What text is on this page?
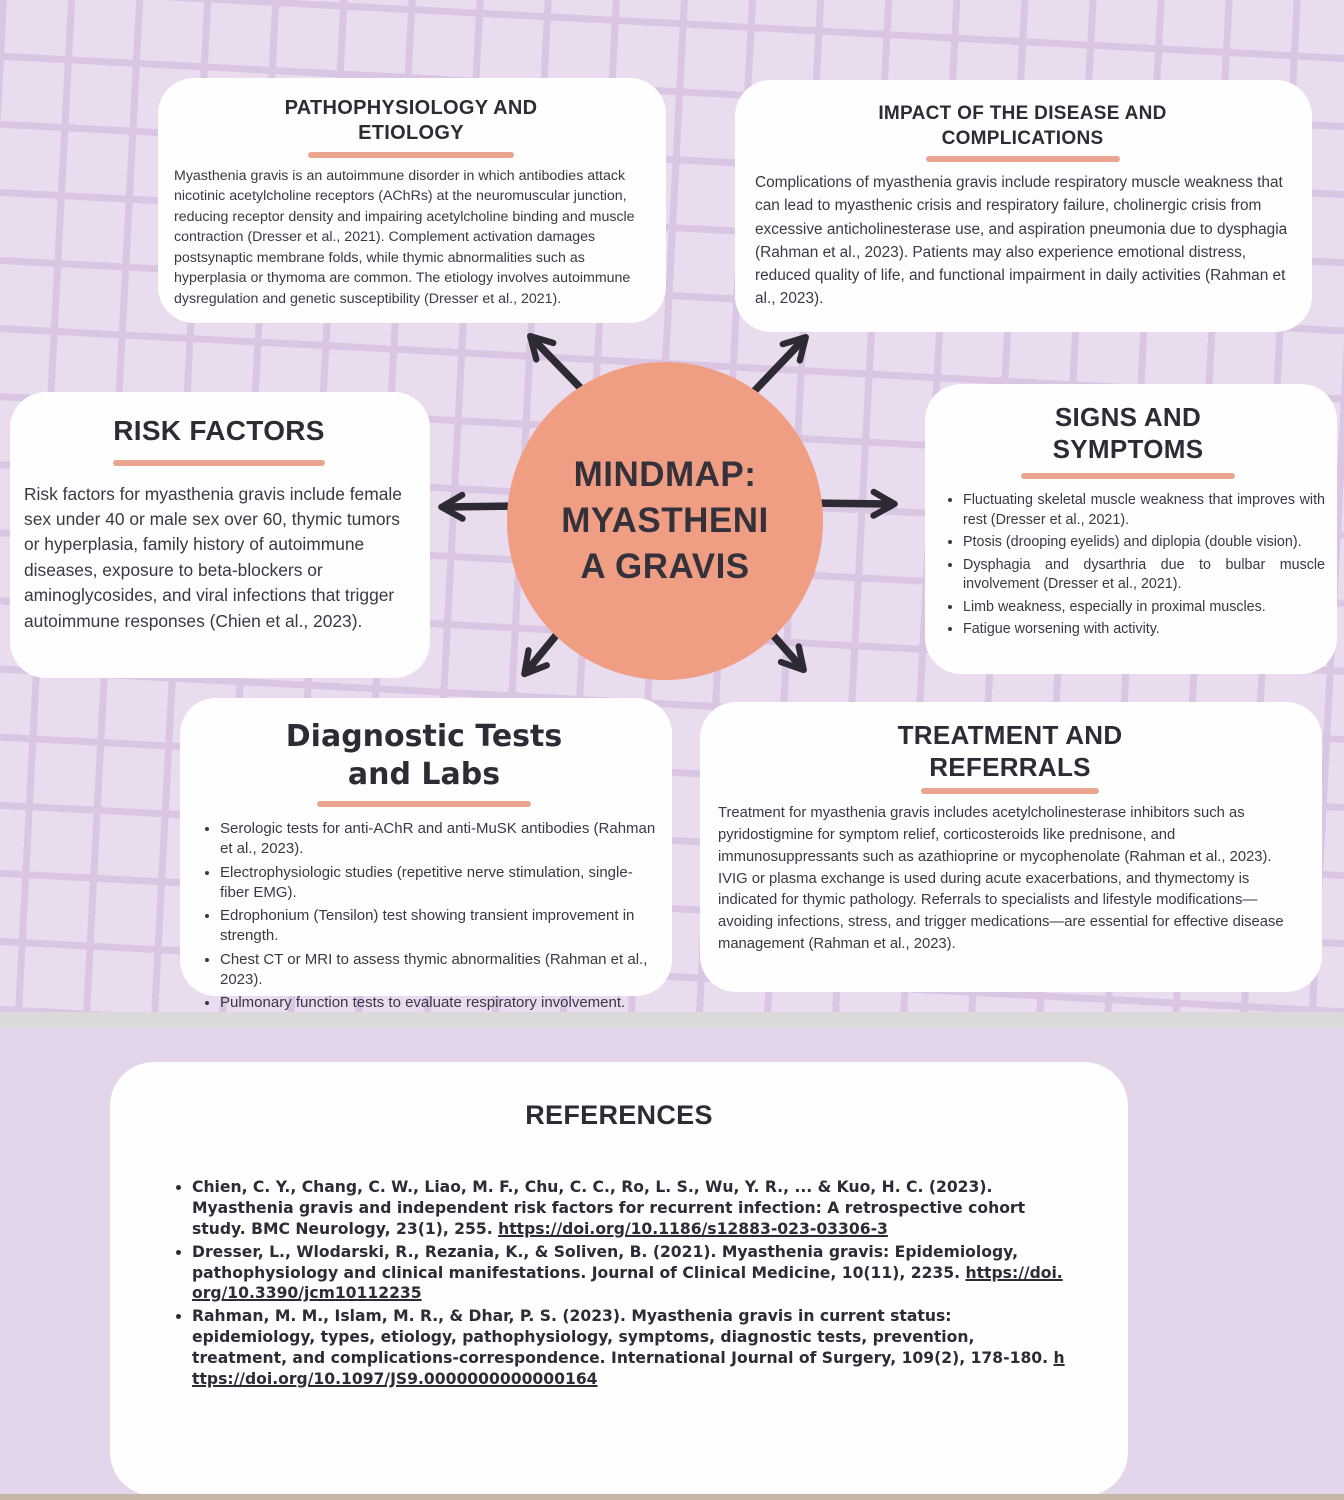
PATHOPHYSIOLOGY AND ETIOLOGY

Myasthenia gravis is an autoimmune disorder in which antibodies attack nicotinic acetylcholine receptors (AChRs) at the neuromuscular junction, reducing receptor density and impairing acetylcholine binding and muscle contraction (Dresser et al., 2021). Complement activation damages postsynaptic membrane folds, while thymic abnormalities such as hyperplasia or thymoma are common. The etiology involves autoimmune dysregulation and genetic susceptibility (Dresser et al., 2021).

IMPACT OF THE DISEASE AND COMPLICATIONS

Complications of myasthenia gravis include respiratory muscle weakness that can lead to myasthenic crisis and respiratory failure, cholinergic crisis from excessive anticholinesterase use, and aspiration pneumonia due to dysphagia (Rahman et al., 2023). Patients may also experience emotional distress, reduced quality of life, and functional impairment in daily activities (Rahman et al., 2023).

RISK FACTORS

Risk factors for myasthenia gravis include female sex under 40 or male sex over 60, thymic tumors or hyperplasia, family history of autoimmune diseases, exposure to beta-blockers or aminoglycosides, and viral infections that trigger autoimmune responses (Chien et al., 2023).

SIGNS AND SYMPTOMS
• Fluctuating skeletal muscle weakness that improves with rest (Dresser et al., 2021).
• Ptosis (drooping eyelids) and diplopia (double vision).
• Dysphagia and dysarthria due to bulbar muscle involvement (Dresser et al., 2021).
• Limb weakness, especially in proximal muscles.
• Fatigue worsening with activity.
Diagnostic Tests and Labs
• Serologic tests for anti-AChR and anti-MuSK antibodies (Rahman et al., 2023).
• Electrophysiologic studies (repetitive nerve stimulation, single-fiber EMG).
• Edrophonium (Tensilon) test showing transient improvement in strength.
• Chest CT or MRI to assess thymic abnormalities (Rahman et al., 2023).
• Pulmonary function tests to evaluate respiratory involvement.
TREATMENT AND REFERRALS

Treatment for myasthenia gravis includes acetylcholinesterase inhibitors such as pyridostigmine for symptom relief, corticosteroids like prednisone, and immunosuppressants such as azathioprine or mycophenolate (Rahman et al., 2023). IVIG or plasma exchange is used during acute exacerbations, and thymectomy is indicated for thymic pathology. Referrals to specialists and lifestyle modifications—avoiding infections, stress, and trigger medications—are essential for effective disease management (Rahman et al., 2023).

MINDMAP:
MYASTHENI
A GRAVIS
REFERENCES
• Chien, C. Y., Chang, C. W., Liao, M. F., Chu, C. C., Ro, L. S., Wu, Y. R., ... & Kuo, H. C. (2023). Myasthenia gravis and independent risk factors for recurrent infection: A retrospective cohort study. BMC Neurology, 23(1), 255. https://doi.org/10.1186/s12883-023-03306-3
• Dresser, L., Wlodarski, R., Rezania, K., & Soliven, B. (2021). Myasthenia gravis: Epidemiology, pathophysiology and clinical manifestations. Journal of Clinical Medicine, 10(11), 2235. https://doi.org/10.3390/jcm10112235
• Rahman, M. M., Islam, M. R., & Dhar, P. S. (2023). Myasthenia gravis in current status: epidemiology, types, etiology, pathophysiology, symptoms, diagnostic tests, prevention, treatment, and complications-correspondence. International Journal of Surgery, 109(2), 178-180. https://doi.org/10.1097/JS9.0000000000000164
